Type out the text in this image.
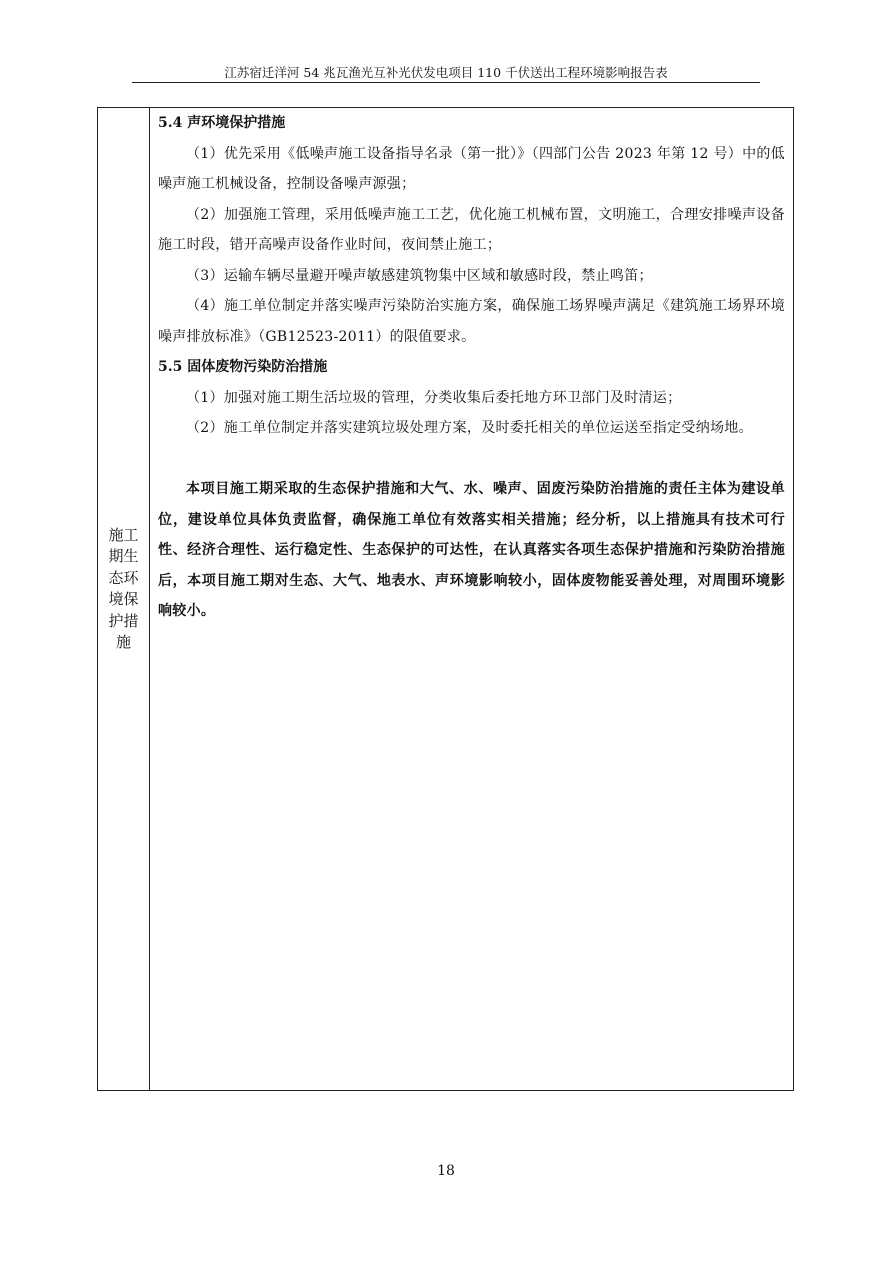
江苏宿迁洋河 54 兆瓦渔光互补光伏发电项目 110 千伏送出工程环境影响报告表
施工期生态环境保护措施

5.4 声环境保护措施

（1）优先采用《低噪声施工设备指导名录（第一批）》（四部门公告 2023 年第 12 号）中的低噪声施工机械设备，控制设备噪声源强；

（2）加强施工管理，采用低噪声施工工艺，优化施工机械布置，文明施工，合理安排噪声设备施工时段，错开高噪声设备作业时间，夜间禁止施工；

（3）运输车辆尽量避开噪声敏感建筑物集中区域和敏感时段，禁止鸣笛；

（4）施工单位制定并落实噪声污染防治实施方案，确保施工场界噪声满足《建筑施工场界环境噪声排放标准》（GB12523-2011）的限值要求。

5.5 固体废物污染防治措施

（1）加强对施工期生活垃圾的管理，分类收集后委托地方环卫部门及时清运；

（2）施工单位制定并落实建筑垃圾处理方案，及时委托相关的单位运送至指定受纳场地。

本项目施工期采取的生态保护措施和大气、水、噪声、固废污染防治措施的责任主体为建设单位，建设单位具体负责监督，确保施工单位有效落实相关措施；经分析，以上措施具有技术可行性、经济合理性、运行稳定性、生态保护的可达性，在认真落实各项生态保护措施和污染防治措施后，本项目施工期对生态、大气、地表水、声环境影响较小，固体废物能妥善处理，对周围环境影响较小。

18
